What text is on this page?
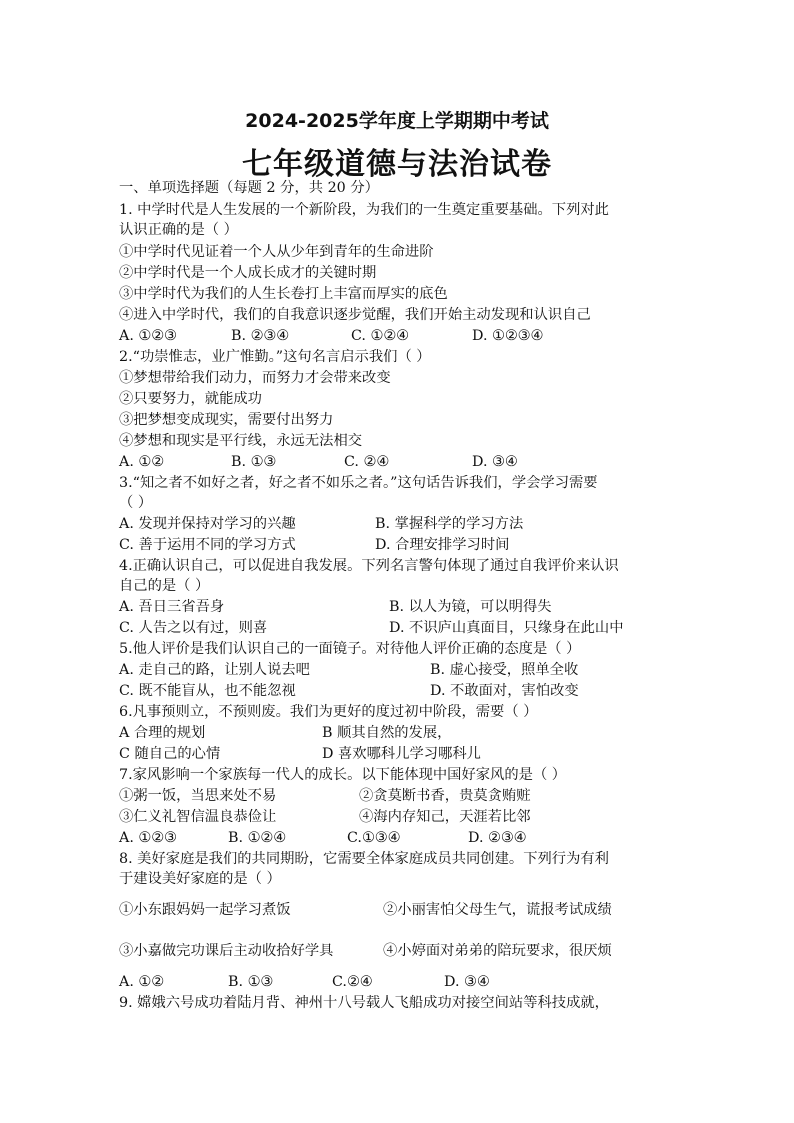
2024-2025学年度上学期期中考试
七年级道德与法治试卷
一、单项选择题（每题 2 分，共 20 分）
1. 中学时代是人生发展的一个新阶段，为我们的一生奠定重要基础。下列对此
认识正确的是（ ）
①中学时代见证着一个人从少年到青年的生命进阶
②中学时代是一个人成长成才的关键时期
③中学时代为我们的人生长卷打上丰富而厚实的底色
④进入中学时代，我们的自我意识逐步觉醒，我们开始主动发现和认识自己
A. ①②③	B. ②③④	C. ①②④	D. ①②③④
2.“功崇惟志，业广惟勤。”这句名言启示我们（ ）
①梦想带给我们动力，而努力才会带来改变
②只要努力，就能成功
③把梦想变成现实，需要付出努力
④梦想和现实是平行线，永远无法相交
A. ①②	B. ①③	C. ②④	D. ③④
3.“知之者不如好之者，好之者不如乐之者。”这句话告诉我们，学会学习需要
（ ）
A. 发现并保持对学习的兴趣	B. 掌握科学的学习方法
C. 善于运用不同的学习方式	D. 合理安排学习时间
4.正确认识自己，可以促进自我发展。下列名言警句体现了通过自我评价来认识
自己的是（ ）
A. 吾日三省吾身	B. 以人为镜，可以明得失
C. 人告之以有过，则喜	D. 不识庐山真面目，只缘身在此山中
5.他人评价是我们认识自己的一面镜子。对待他人评价正确的态度是（ ）
A. 走自己的路，让别人说去吧	B. 虚心接受，照单全收
C. 既不能盲从，也不能忽视	D. 不敢面对，害怕改变
6.凡事预则立，不预则废。我们为更好的度过初中阶段，需要（ ）
A 合理的规划	B 顺其自然的发展，
C 随自己的心情	D 喜欢哪科儿学习哪科儿
7.家风影响一个家族每一代人的成长。以下能体现中国好家风的是（ ）
①粥一饭，当思来处不易	②贪莫断书香，贵莫贪贿赃
③仁义礼智信温良恭俭让	④海内存知己，天涯若比邻
A. ①②③	B. ①②④	C.①③④	D. ②③④
8. 美好家庭是我们的共同期盼，它需要全体家庭成员共同创建。下列行为有利
于建设美好家庭的是（ ）
①小东跟妈妈一起学习煮饭	②小丽害怕父母生气，谎报考试成绩
③小嘉做完功课后主动收拾好学具	④小婷面对弟弟的陪玩要求，很厌烦
A. ①②	B. ①③	C.②④	D. ③④
9. 嫦娥六号成功着陆月背、神州十八号载人飞船成功对接空间站等科技成就，
